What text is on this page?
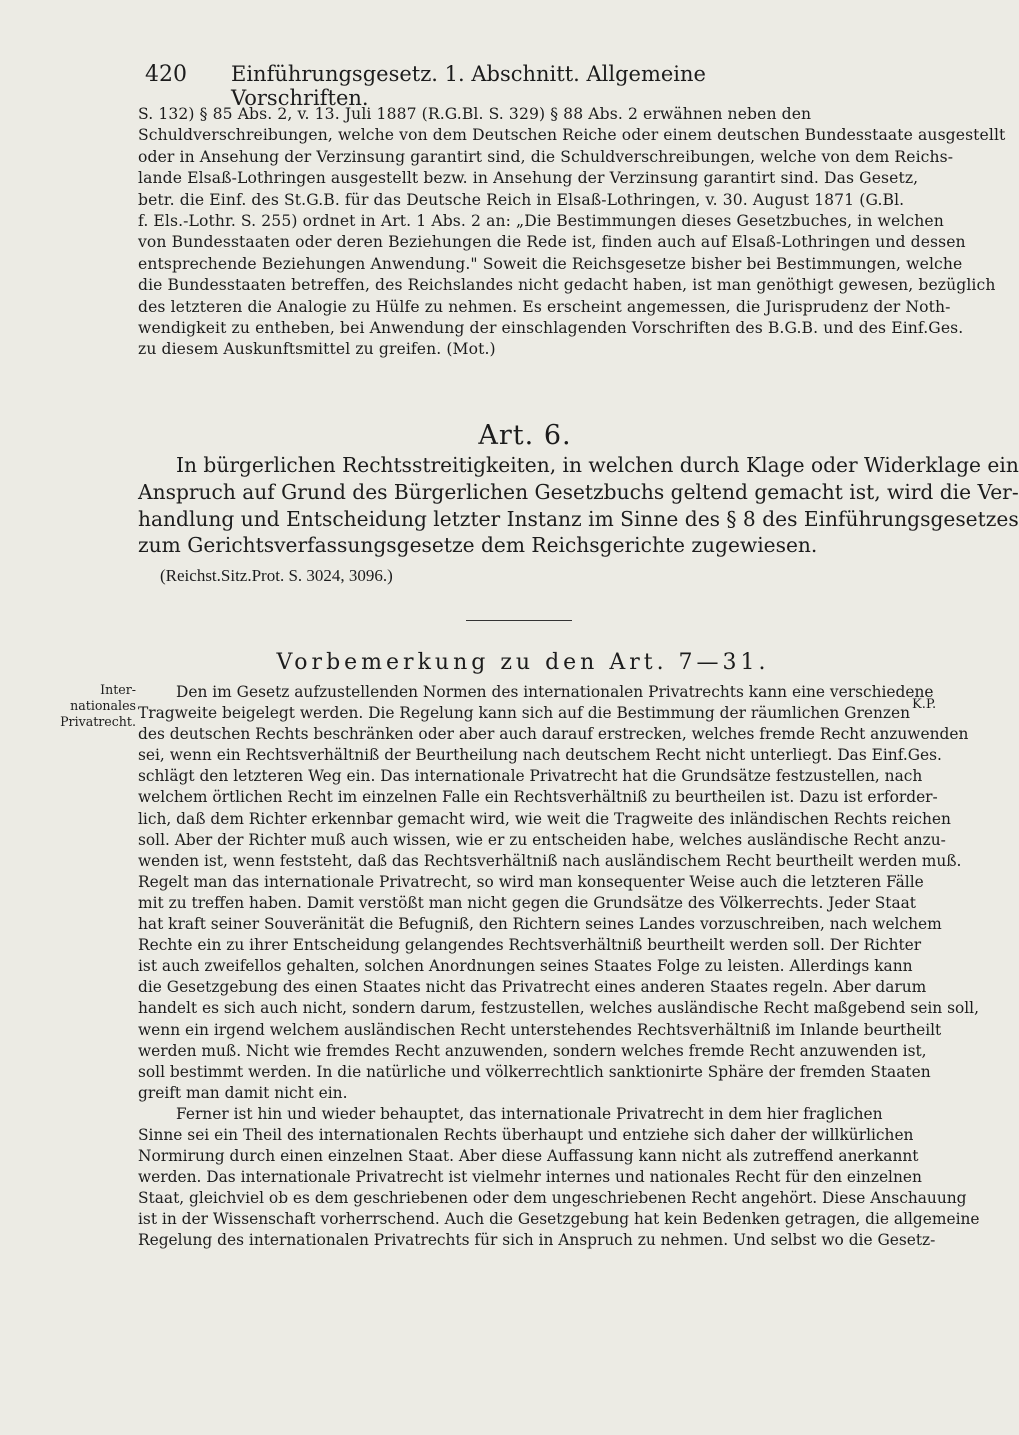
420 Einführungsgesetz. 1. Abschnitt. Allgemeine Vorschriften.
S. 132) § 85 Abs. 2, v. 13. Juli 1887 (R.G.Bl. S. 329) § 88 Abs. 2 erwähnen neben den
Schuldverschreibungen, welche von dem Deutschen Reiche oder einem deutschen Bundesstaate ausgestellt
oder in Ansehung der Verzinsung garantirt sind, die Schuldverschreibungen, welche von dem Reichs-
lande Elsaß-Lothringen ausgestellt bezw. in Ansehung der Verzinsung garantirt sind. Das Gesetz,
betr. die Einf. des St.G.B. für das Deutsche Reich in Elsaß-Lothringen, v. 30. August 1871 (G.Bl.
f. Els.-Lothr. S. 255) ordnet in Art. 1 Abs. 2 an: „Die Bestimmungen dieses Gesetzbuches, in welchen
von Bundesstaaten oder deren Beziehungen die Rede ist, finden auch auf Elsaß-Lothringen und dessen
entsprechende Beziehungen Anwendung." Soweit die Reichsgesetze bisher bei Bestimmungen, welche
die Bundesstaaten betreffen, des Reichslandes nicht gedacht haben, ist man genöthigt gewesen, bezüglich
des letzteren die Analogie zu Hülfe zu nehmen. Es erscheint angemessen, die Jurisprudenz der Noth-
wendigkeit zu entheben, bei Anwendung der einschlagenden Vorschriften des B.G.B. und des Einf.Ges.
zu diesem Auskunftsmittel zu greifen. (Mot.)
Art. 6.
In bürgerlichen Rechtsstreitigkeiten, in welchen durch Klage oder Widerklage ein
Anspruch auf Grund des Bürgerlichen Gesetzbuchs geltend gemacht ist, wird die Ver-
handlung und Entscheidung letzter Instanz im Sinne des § 8 des Einführungsgesetzes
zum Gerichtsverfassungsgesetze dem Reichsgerichte zugewiesen.
(Reichst.Sitz.Prot. S. 3024, 3096.)
Vorbemerkung zu den Art. 7—31.
Inter-
nationales
Privatrecht.
K.P.
Den im Gesetz aufzustellenden Normen des internationalen Privatrechts kann eine verschiedene
Tragweite beigelegt werden. Die Regelung kann sich auf die Bestimmung der räumlichen Grenzen
des deutschen Rechts beschränken oder aber auch darauf erstrecken, welches fremde Recht anzuwenden
sei, wenn ein Rechtsverhältniß der Beurtheilung nach deutschem Recht nicht unterliegt. Das Einf.Ges.
schlägt den letzteren Weg ein. Das internationale Privatrecht hat die Grundsätze festzustellen, nach
welchem örtlichen Recht im einzelnen Falle ein Rechtsverhältniß zu beurtheilen ist. Dazu ist erforder-
lich, daß dem Richter erkennbar gemacht wird, wie weit die Tragweite des inländischen Rechts reichen
soll. Aber der Richter muß auch wissen, wie er zu entscheiden habe, welches ausländische Recht anzu-
wenden ist, wenn feststeht, daß das Rechtsverhältniß nach ausländischem Recht beurtheilt werden muß.
Regelt man das internationale Privatrecht, so wird man konsequenter Weise auch die letzteren Fälle
mit zu treffen haben. Damit verstößt man nicht gegen die Grundsätze des Völkerrechts. Jeder Staat
hat kraft seiner Souveränität die Befugniß, den Richtern seines Landes vorzuschreiben, nach welchem
Rechte ein zu ihrer Entscheidung gelangendes Rechtsverhältniß beurtheilt werden soll. Der Richter
ist auch zweifellos gehalten, solchen Anordnungen seines Staates Folge zu leisten. Allerdings kann
die Gesetzgebung des einen Staates nicht das Privatrecht eines anderen Staates regeln. Aber darum
handelt es sich auch nicht, sondern darum, festzustellen, welches ausländische Recht maßgebend sein soll,
wenn ein irgend welchem ausländischen Recht unterstehendes Rechtsverhältniß im Inlande beurtheilt
werden muß. Nicht wie fremdes Recht anzuwenden, sondern welches fremde Recht anzuwenden ist,
soll bestimmt werden. In die natürliche und völkerrechtlich sanktionirte Sphäre der fremden Staaten
greift man damit nicht ein.
Ferner ist hin und wieder behauptet, das internationale Privatrecht in dem hier fraglichen
Sinne sei ein Theil des internationalen Rechts überhaupt und entziehe sich daher der willkürlichen
Normirung durch einen einzelnen Staat. Aber diese Auffassung kann nicht als zutreffend anerkannt
werden. Das internationale Privatrecht ist vielmehr internes und nationales Recht für den einzelnen
Staat, gleichviel ob es dem geschriebenen oder dem ungeschriebenen Recht angehört. Diese Anschauung
ist in der Wissenschaft vorherrschend. Auch die Gesetzgebung hat kein Bedenken getragen, die allgemeine
Regelung des internationalen Privatrechts für sich in Anspruch zu nehmen. Und selbst wo die Gesetz-
